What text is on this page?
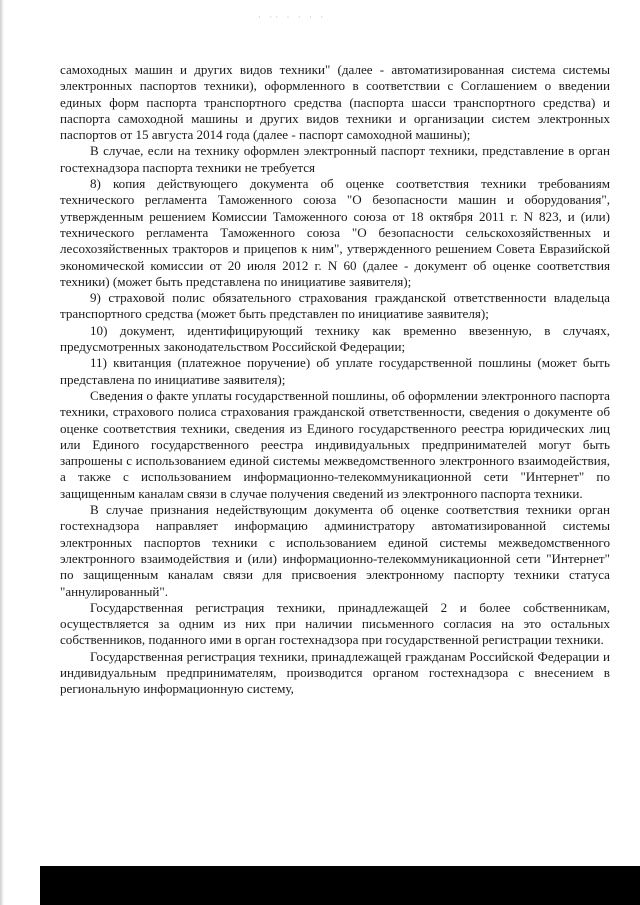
· ·· · · · ·

самоходных машин и других видов техники" (далее - автоматизированная система системы электронных паспортов техники), оформленного в соответствии с Соглашением о введении единых форм паспорта транспортного средства (паспорта шасси транспортного средства) и паспорта самоходной машины и других видов техники и организации систем электронных паспортов от 15 августа 2014 года (далее - паспорт самоходной машины);

В случае, если на технику оформлен электронный паспорт техники, представление в орган гостехнадзора паспорта техники не требуется

8) копия действующего документа об оценке соответствия техники требованиям технического регламента Таможенного союза "О безопасности машин и оборудования", утвержденным решением Комиссии Таможенного союза от 18 октября 2011 г. N 823, и (или) технического регламента Таможенного союза "О безопасности сельскохозяйственных и лесохозяйственных тракторов и прицепов к ним", утвержденного решением Совета Евразийской экономической комиссии от 20 июля 2012 г. N 60 (далее - документ об оценке соответствия техники) (может быть представлена по инициативе заявителя);

9) страховой полис обязательного страхования гражданской ответственности владельца транспортного средства (может быть представлен по инициативе заявителя);

10) документ, идентифицирующий технику как временно ввезенную, в случаях, предусмотренных законодательством Российской Федерации;

11) квитанция (платежное поручение) об уплате государственной пошлины (может быть представлена по инициативе заявителя);

Сведения о факте уплаты государственной пошлины, об оформлении электронного паспорта техники, страхового полиса страхования гражданской ответственности, сведения о документе об оценке соответствия техники, сведения из Единого государственного реестра юридических лиц или Единого государственного реестра индивидуальных предпринимателей могут быть запрошены с использованием единой системы межведомственного электронного взаимодействия, а также с использованием информационно-телекоммуникационной сети "Интернет" по защищенным каналам связи в случае получения сведений из электронного паспорта техники.

В случае признания недействующим документа об оценке соответствия техники орган гостехнадзора направляет информацию администратору автоматизированной системы электронных паспортов техники с использованием единой системы межведомственного электронного взаимодействия и (или) информационно-телекоммуникационной сети "Интернет" по защищенным каналам связи для присвоения электронному паспорту техники статуса "аннулированный".

Государственная регистрация техники, принадлежащей 2 и более собственникам, осуществляется за одним из них при наличии письменного согласия на это остальных собственников, поданного ими в орган гостехнадзора при государственной регистрации техники.

Государственная регистрация техники, принадлежащей гражданам Российской Федерации и индивидуальным предпринимателям, производится органом гостехнадзора с внесением в региональную информационную систему,
